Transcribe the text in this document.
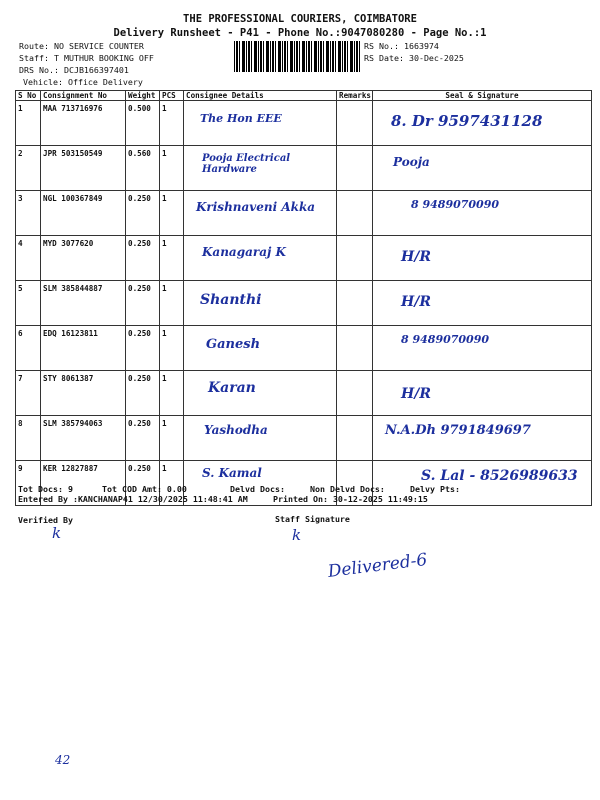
THE PROFESSIONAL COURIERS, COIMBATORE
Delivery Runsheet - P41 - Phone No.:9047080280 - Page No.:1
Route: NO SERVICE COUNTER
Staff: T MUTHUR BOOKING OFF
DRS No.: DCJB166397401
Vehicle: Office Delivery
RS No.: 1663974
RS Date: 30-Dec-2025
S No	Consignment No	Weight	PCS	Consignee Details	Remarks	Seal & Signature
1	MAA 713716976	0.500	1	The Hon EEE		8. Dr 9597431128
2	JPR 503150549	0.560	1	Pooja Electrical Hardware		Pooja
3	NGL 100367849	0.250	1	Krishnaveni Akka		8 9489070090
4	MYD 3077620	0.250	1	Kanagaraj K		H/R
5	SLM 385844887	0.250	1	Shanthi		H/R
6	EDQ 16123811	0.250	1	Ganesh		8 9489070090
7	STY 8061387	0.250	1	Karan		H/R
8	SLM 385794063	0.250	1	Yashodha		N.A.Dh 9791849697
9	KER 12827887	0.250	1	S. Kamal		S. Lal - 8526989633
Tot Docs: 9	Tot COD Amt: 0.00	Delvd Docs:	Non Delvd Docs:	Delvy Pts:
Entered By :KANCHANAP41 12/30/2025 11:48:41 AM	Printed On: 30-12-2025 11:49:15
Verified By	Staff Signature
k	k
Delivered-6
42
